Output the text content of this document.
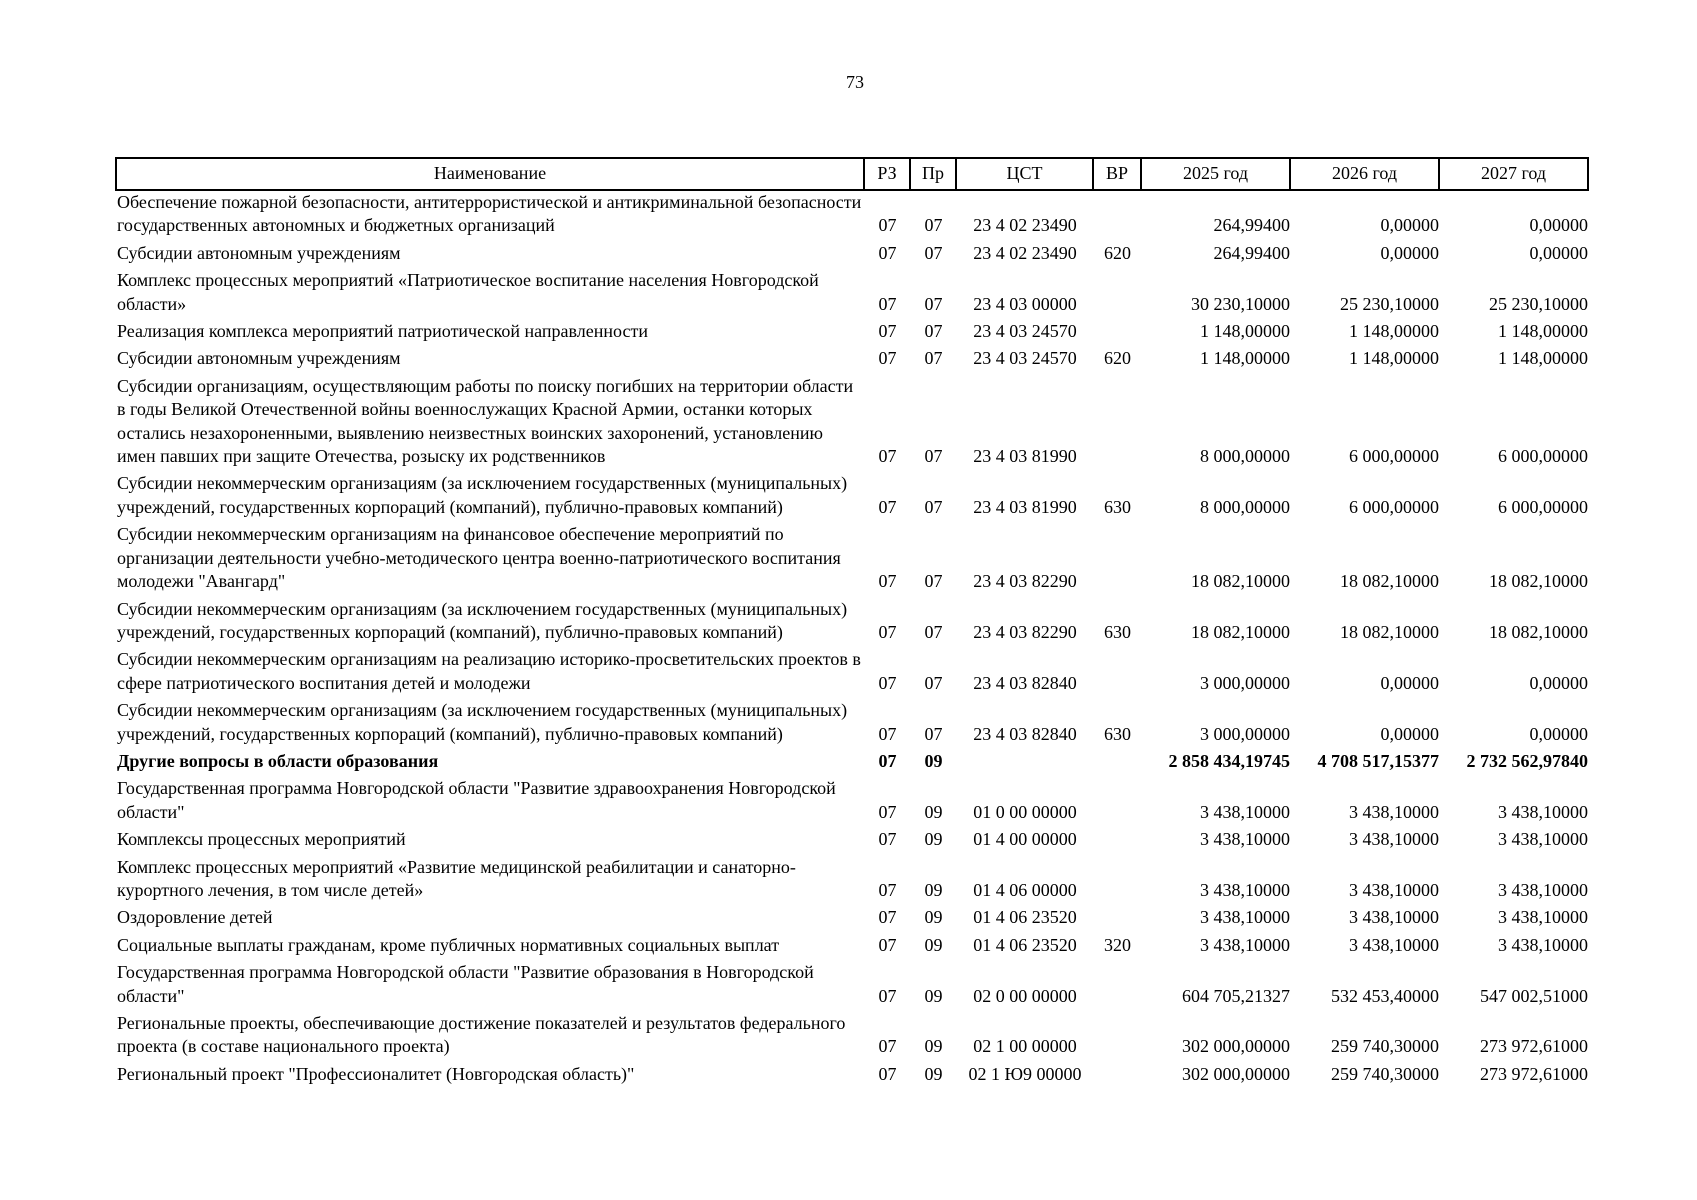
73
Наименование	РЗ	Пр	ЦСТ	ВР	2025 год	2026 год	2027 год
Обеспечение пожарной безопасности, антитеррористической и антикриминальной безопасности государственных автономных и бюджетных организаций	07	07	23 4 02 23490		264,99400	0,00000	0,00000
Субсидии автономным учреждениям	07	07	23 4 02 23490	620	264,99400	0,00000	0,00000
Комплекс процессных мероприятий «Патриотическое воспитание населения Новгородской области»	07	07	23 4 03 00000		30 230,10000	25 230,10000	25 230,10000
Реализация комплекса мероприятий патриотической направленности	07	07	23 4 03 24570		1 148,00000	1 148,00000	1 148,00000
Субсидии автономным учреждениям	07	07	23 4 03 24570	620	1 148,00000	1 148,00000	1 148,00000
Субсидии организациям, осуществляющим работы по поиску погибших на территории области в годы Великой Отечественной войны военнослужащих Красной Армии, останки которых остались незахороненными, выявлению неизвестных воинских захоронений, установлению имен павших при защите Отечества, розыску их родственников	07	07	23 4 03 81990		8 000,00000	6 000,00000	6 000,00000
Субсидии некоммерческим организациям (за исключением государственных (муниципальных) учреждений, государственных корпораций (компаний), публично-правовых компаний)	07	07	23 4 03 81990	630	8 000,00000	6 000,00000	6 000,00000
Субсидии некоммерческим организациям на финансовое обеспечение мероприятий по организации деятельности учебно-методического центра военно-патриотического воспитания молодежи "Авангард"	07	07	23 4 03 82290		18 082,10000	18 082,10000	18 082,10000
Субсидии некоммерческим организациям (за исключением государственных (муниципальных) учреждений, государственных корпораций (компаний), публично-правовых компаний)	07	07	23 4 03 82290	630	18 082,10000	18 082,10000	18 082,10000
Субсидии некоммерческим организациям на реализацию историко-просветительских проектов в сфере патриотического воспитания детей и молодежи	07	07	23 4 03 82840		3 000,00000	0,00000	0,00000
Субсидии некоммерческим организациям (за исключением государственных (муниципальных) учреждений, государственных корпораций (компаний), публично-правовых компаний)	07	07	23 4 03 82840	630	3 000,00000	0,00000	0,00000
Другие вопросы в области образования	07	09			2 858 434,19745	4 708 517,15377	2 732 562,97840
Государственная программа Новгородской области "Развитие здравоохранения Новгородской области"	07	09	01 0 00 00000		3 438,10000	3 438,10000	3 438,10000
Комплексы процессных мероприятий	07	09	01 4 00 00000		3 438,10000	3 438,10000	3 438,10000
Комплекс процессных мероприятий «Развитие медицинской реабилитации и санаторно-курортного лечения, в том числе детей»	07	09	01 4 06 00000		3 438,10000	3 438,10000	3 438,10000
Оздоровление детей	07	09	01 4 06 23520		3 438,10000	3 438,10000	3 438,10000
Социальные выплаты гражданам, кроме публичных нормативных социальных выплат	07	09	01 4 06 23520	320	3 438,10000	3 438,10000	3 438,10000
Государственная программа Новгородской области "Развитие образования в Новгородской области"	07	09	02 0 00 00000		604 705,21327	532 453,40000	547 002,51000
Региональные проекты, обеспечивающие достижение показателей и результатов федерального проекта (в составе национального проекта)	07	09	02 1 00 00000		302 000,00000	259 740,30000	273 972,61000
Региональный проект "Профессионалитет (Новгородская область)"	07	09	02 1 Ю9 00000		302 000,00000	259 740,30000	273 972,61000
